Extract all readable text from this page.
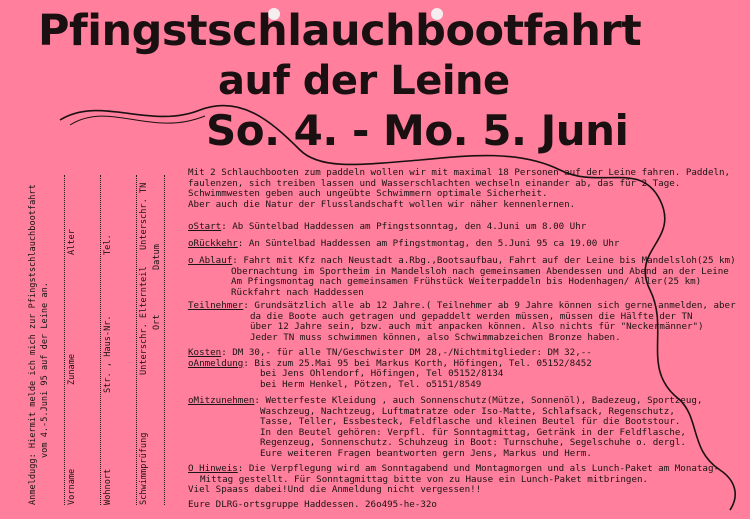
Pfingstschlauchbootfahrt
auf der Leine
So. 4. - Mo. 5. Juni
Mit 2 Schlauchbooten zum paddeln wollen wir mit maximal 18 Personen auf der Leine fahren. Paddeln,
faulenzen, sich treiben lassen und Wasserschlachten wechseln einander ab, das für 2 Tage.
Schwimmwesten geben auch ungeübte Schwimmern optimale Sicherheit.
Aber auch die Natur der Flusslandschaft wollen wir näher kennenlernen.
oStart: Ab Süntelbad Haddessen am Pfingstsonntag, den 4.Juni um 8.00 Uhr
oRückkehr: An Süntelbad Haddessen am Pfingstmontag, den 5.Juni 95 ca 19.00 Uhr
o Ablauf: Fahrt mit Kfz nach Neustadt a.Rbg.,Bootsaufbau, Fahrt auf der Leine bis Mandelsloh(25 km)
Obernachtung im Sportheim in Mandelsloh nach gemeinsamen Abendessen und Abend an der Leine
Am Pfingsmontag nach gemeinsamen Frühstück Weiterpaddeln bis Hodenhagen/ Aller(25 km)
Rückfahrt nach Haddessen
Teilnehmer: Grundsätzlich alle ab 12 Jahre.( Teilnehmer ab 9 Jahre können sich gerne anmelden, aber
da die Boote auch getragen und gepaddelt werden müssen, müssen die Hälfte der TN
über 12 Jahre sein, bzw. auch mit anpacken können. Also nichts für "Neckermänner")
Jeder TN muss schwimmen können, also Schwimmabzeichen Bronze haben.
Kosten: DM 30,- für alle TN/Geschwister DM 28,-/Nichtmitglieder: DM 32,--
oAnmeldung: Bis zum 25.Mai 95 bei Markus Korth, Höfingen, Tel. 05152/8452
bei Jens Ohlendorf, Höfingen, Tel 05152/8134
bei Herm Henkel, Pötzen, Tel. o5151/8549
oMitzunehmen: Wetterfeste Kleidung , auch Sonnenschutz(Mütze, Sonnenöl), Badezeug, Sportzeug,
Waschzeug, Nachtzeug, Luftmatratze oder Iso-Matte, Schlafsack, Regenschutz,
Tasse, Teller, Essbesteck, Feldflasche und kleinen Beutel für die Bootstour.
In den Beutel gehören: Verpfl. für Sonntagmittag, Getränk in der Feldflasche,
Regenzeug, Sonnenschutz. Schuhzeug in Boot: Turnschuhe, Segelschuhe o. dergl.
Eure weiteren Fragen beantworten gern Jens, Markus und Herm.
O Hinweis: Die Verpflegung wird am Sonntagabend und Montagmorgen und als Lunch-Paket am Monatag-
Mittag gestellt. Für Sonntagmittag bitte von zu Hause ein Lunch-Paket mitbringen.
Viel Spaass dabei!Und die Anmeldung nicht vergessen!!
Eure DLRG-ortsgruppe Haddessen. 26o495-he-32o
Anmeldugg: Hiermit melde ich mich zur Pfingstschlauchbootfahrt vom 4.-5.Juni 95 auf der Leine an.
Vorname
Zuname
Alter
Wohnort
Str. , Haus-Nr.
Tel.
Schwimmprüfung
Unterschr. Elternteil
Unterschr. TN
Ort
Datum
